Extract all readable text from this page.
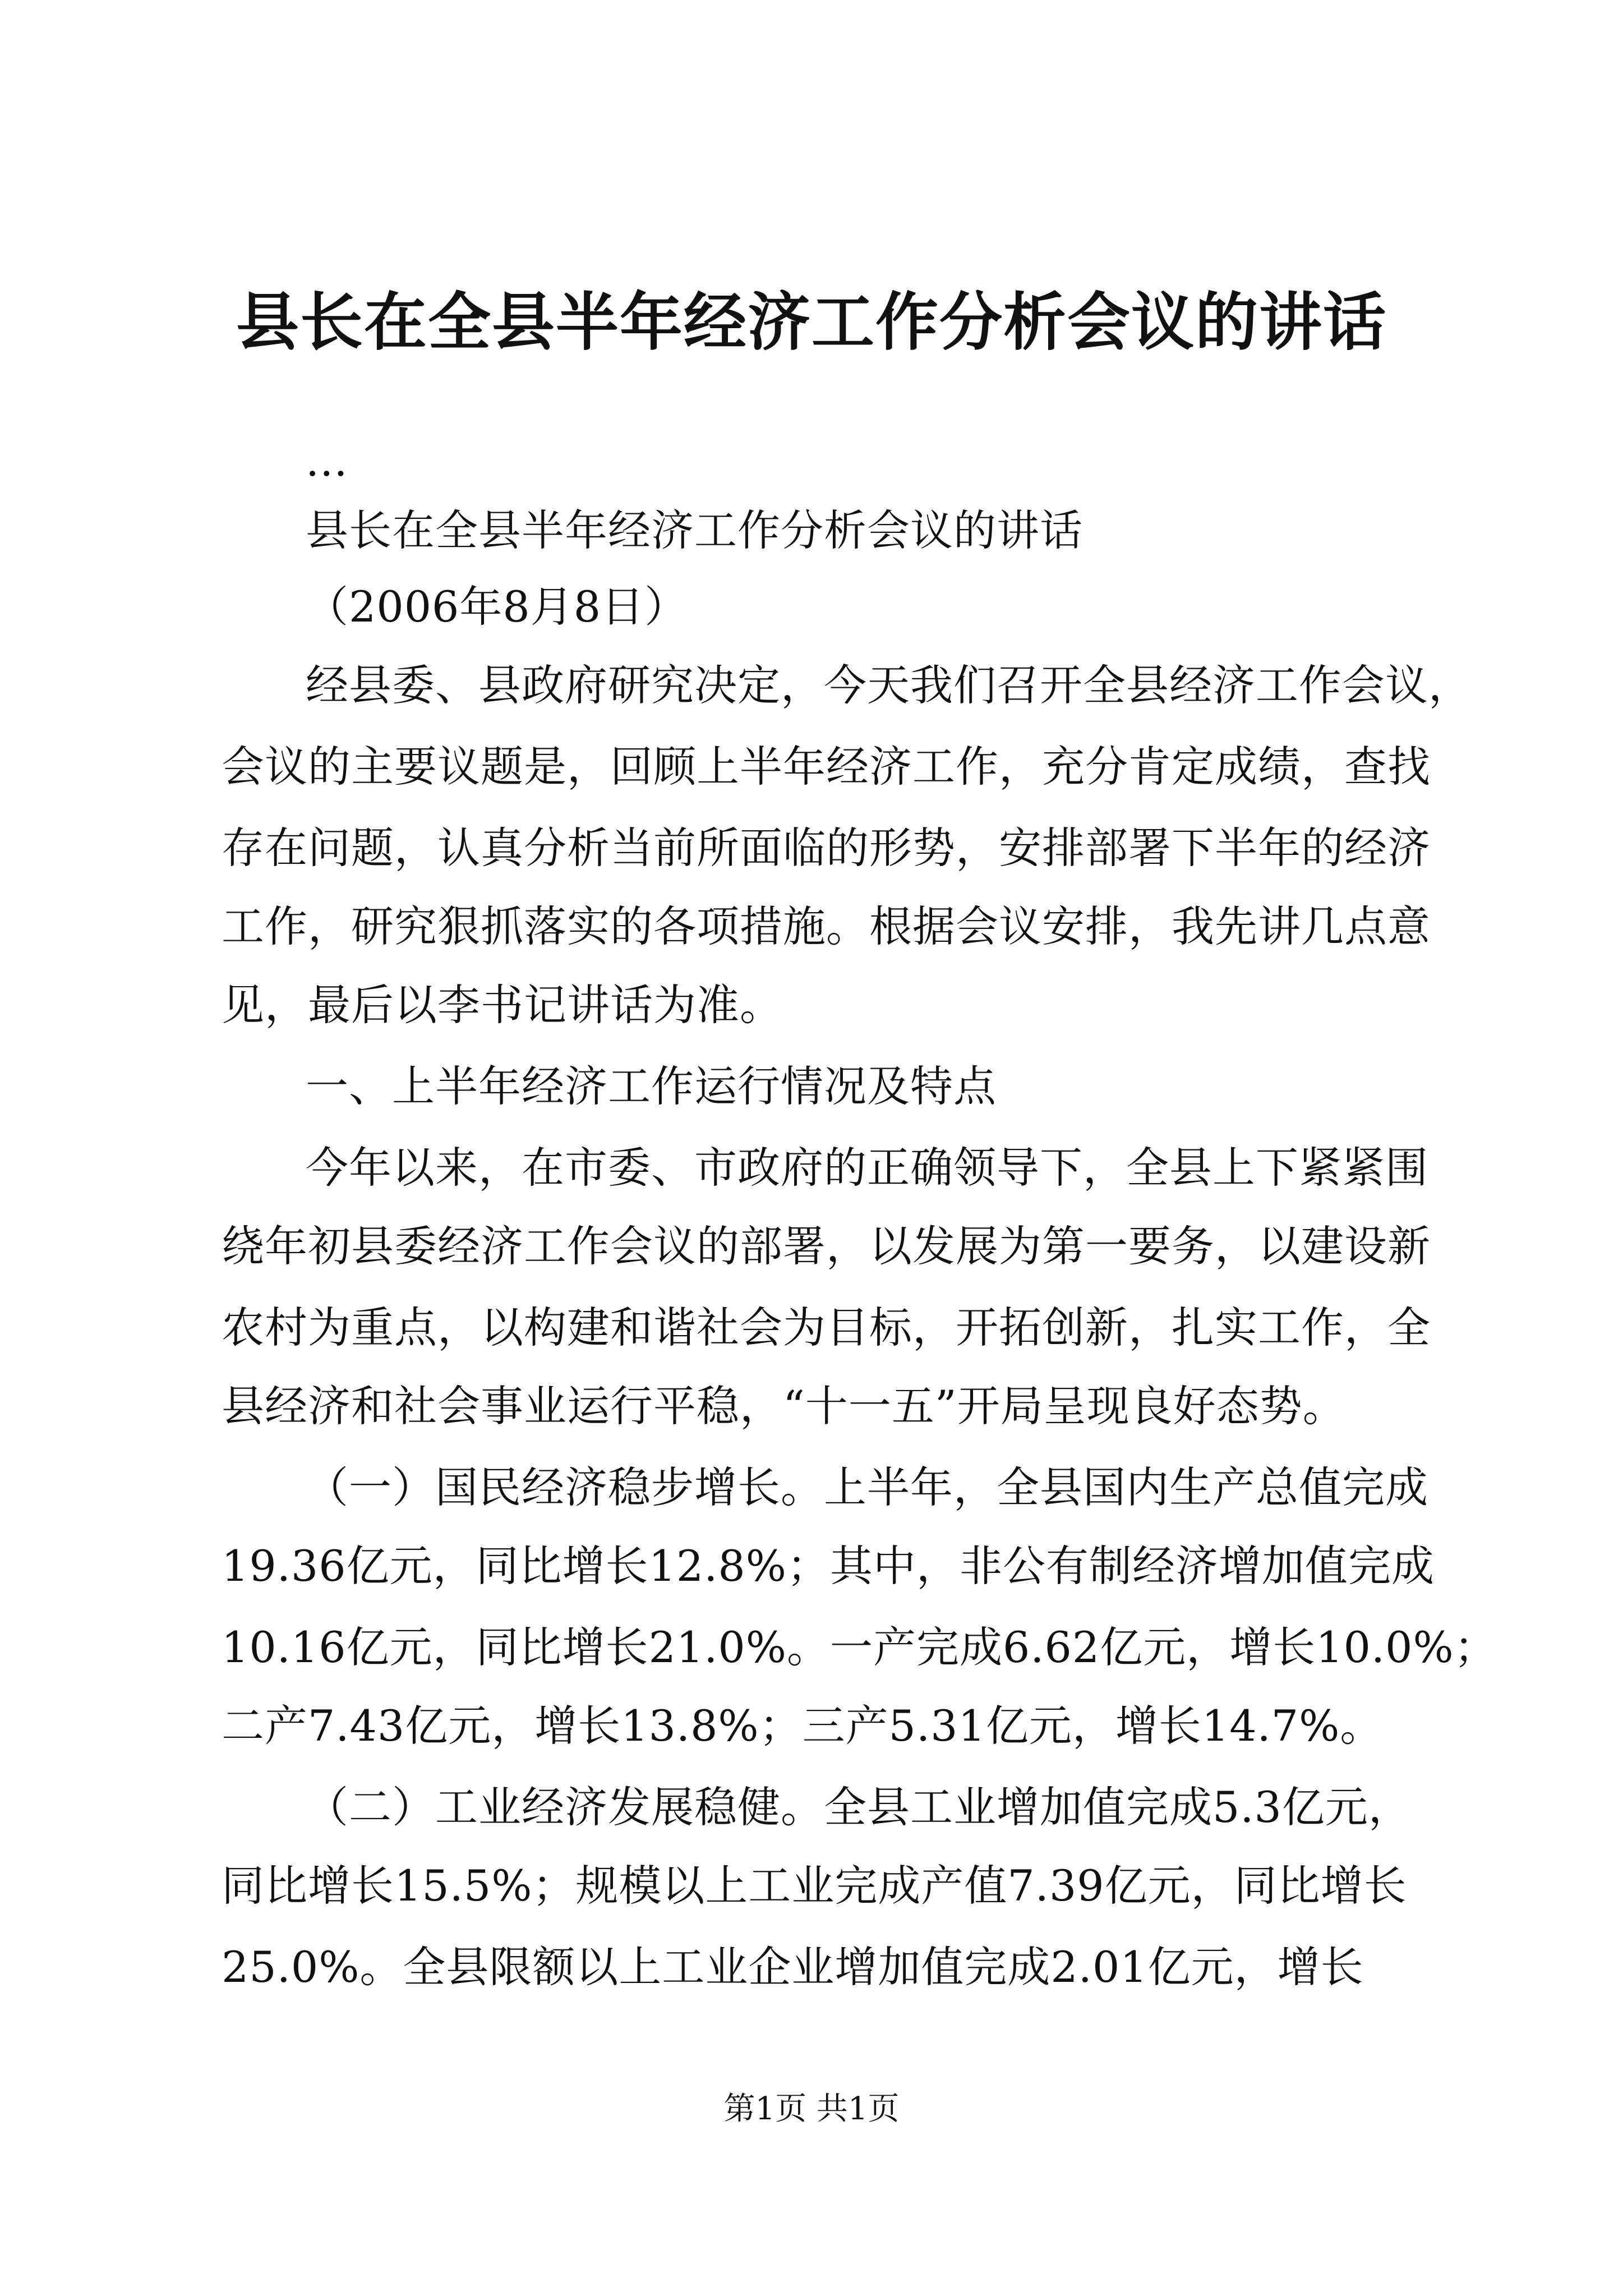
县长在全县半年经济工作分析会议的讲话
...
县长在全县半年经济工作分析会议的讲话
（2006年8月8日）
经县委、县政府研究决定，今天我们召开全县经济工作会议，
会议的主要议题是，回顾上半年经济工作，充分肯定成绩，查找
存在问题，认真分析当前所面临的形势，安排部署下半年的经济
工作，研究狠抓落实的各项措施。根据会议安排，我先讲几点意
见，最后以李书记讲话为准。
一、上半年经济工作运行情况及特点
今年以来，在市委、市政府的正确领导下，全县上下紧紧围
绕年初县委经济工作会议的部署，以发展为第一要务，以建设新
农村为重点，以构建和谐社会为目标，开拓创新，扎实工作，全
县经济和社会事业运行平稳，“十一五”开局呈现良好态势。
（一）国民经济稳步增长。上半年，全县国内生产总值完成
19.36亿元，同比增长12.8%；其中，非公有制经济增加值完成
10.16亿元，同比增长21.0%。一产完成6.62亿元，增长10.0%；
二产7.43亿元，增长13.8%；三产5.31亿元，增长14.7%。
（二）工业经济发展稳健。全县工业增加值完成5.3亿元，
同比增长15.5%；规模以上工业完成产值7.39亿元，同比增长
25.0%。全县限额以上工业企业增加值完成2.01亿元，增长
第1页 共1页
